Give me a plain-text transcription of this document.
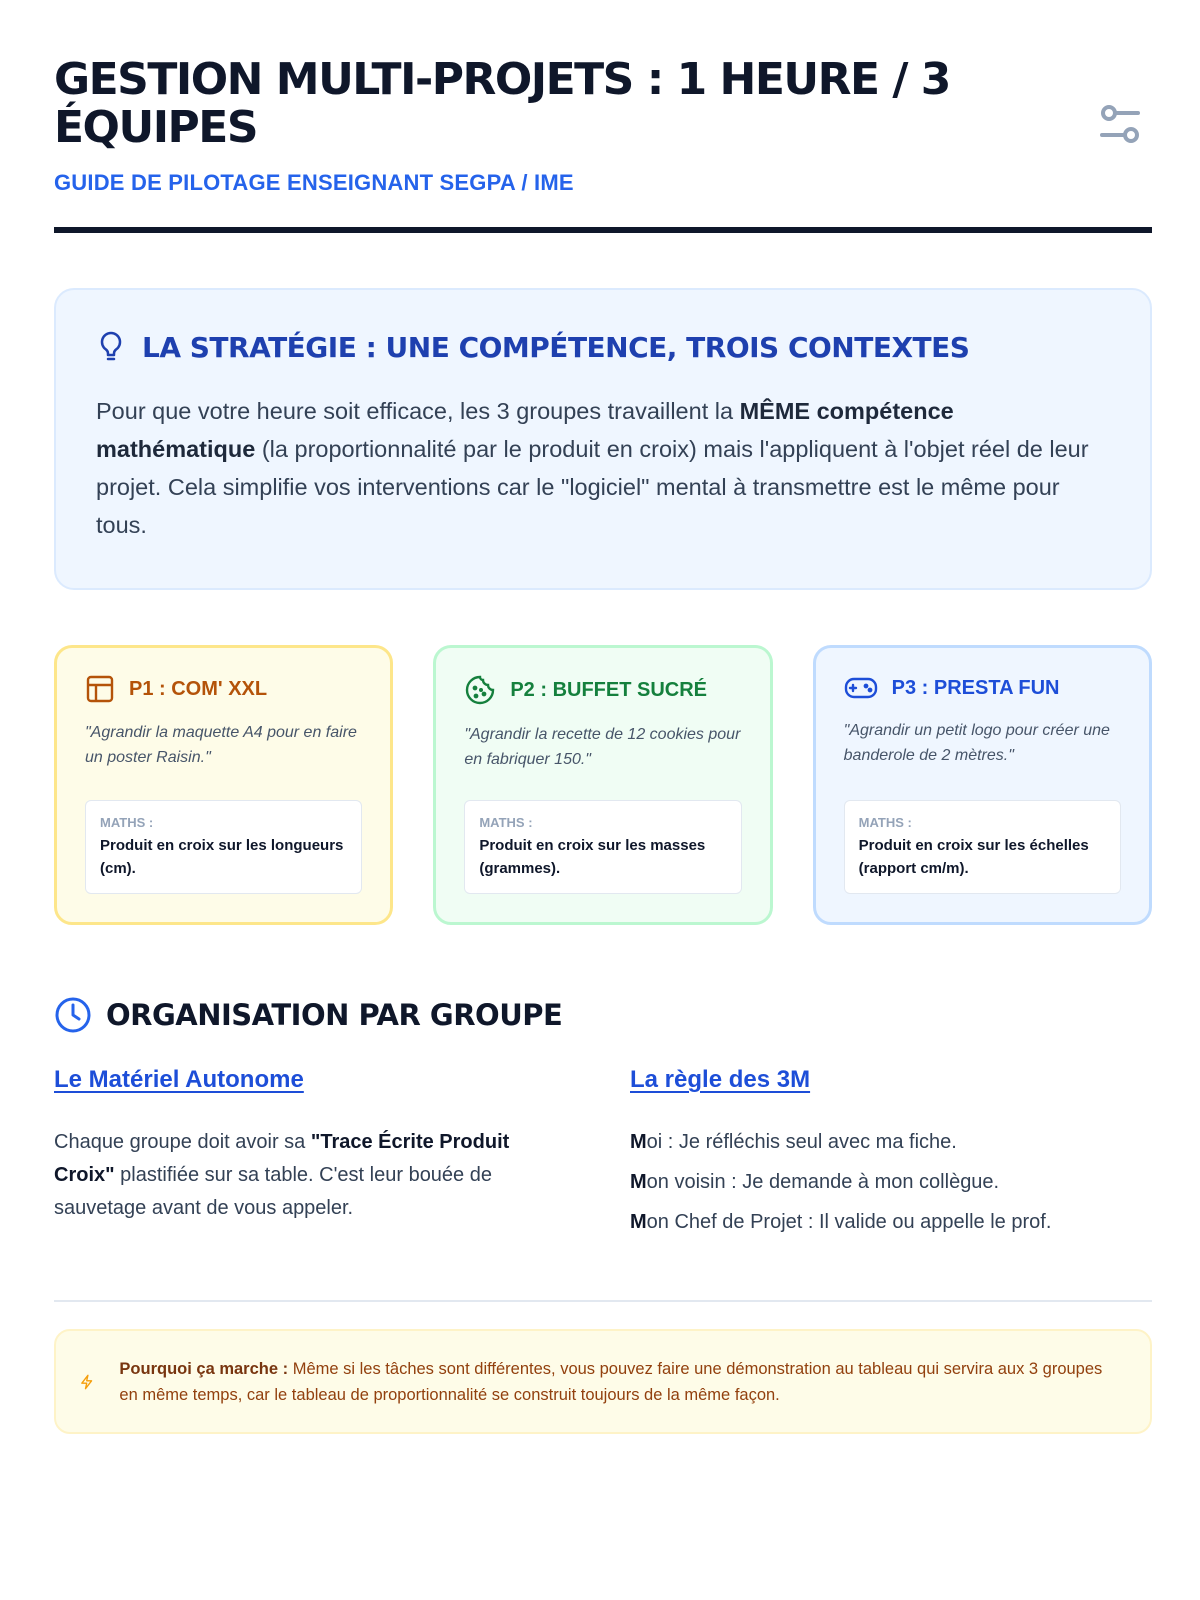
GESTION MULTI-PROJETS : 1 HEURE / 3 ÉQUIPES
GUIDE DE PILOTAGE ENSEIGNANT SEGPA / IME
LA STRATÉGIE : UNE COMPÉTENCE, TROIS CONTEXTES

Pour que votre heure soit efficace, les 3 groupes travaillent la MÊME compétence mathématique (la proportionnalité par le produit en croix) mais l'appliquent à l'objet réel de leur projet. Cela simplifie vos interventions car le "logiciel" mental à transmettre est le même pour tous.

P1 : COM' XXL

"Agrandir la maquette A4 pour en faire un poster Raisin."

MATHS :
Produit en croix sur les longueurs (cm).
P2 : BUFFET SUCRÉ

"Agrandir la recette de 12 cookies pour en fabriquer 150."

MATHS :
Produit en croix sur les masses (grammes).
P3 : PRESTA FUN

"Agrandir un petit logo pour créer une banderole de 2 mètres."

MATHS :
Produit en croix sur les échelles (rapport cm/m).
ORGANISATION PAR GROUPE
Le Matériel Autonome

Chaque groupe doit avoir sa "Trace Écrite Produit Croix" plastifiée sur sa table. C'est leur bouée de sauvetage avant de vous appeler.

La règle des 3M
Moi : Je réfléchis seul avec ma fiche.
Mon voisin : Je demande à mon collègue.
Mon Chef de Projet : Il valide ou appelle le prof.

Pourquoi ça marche : Même si les tâches sont différentes, vous pouvez faire une démonstration au tableau qui servira aux 3 groupes en même temps, car le tableau de proportionnalité se construit toujours de la même façon.
